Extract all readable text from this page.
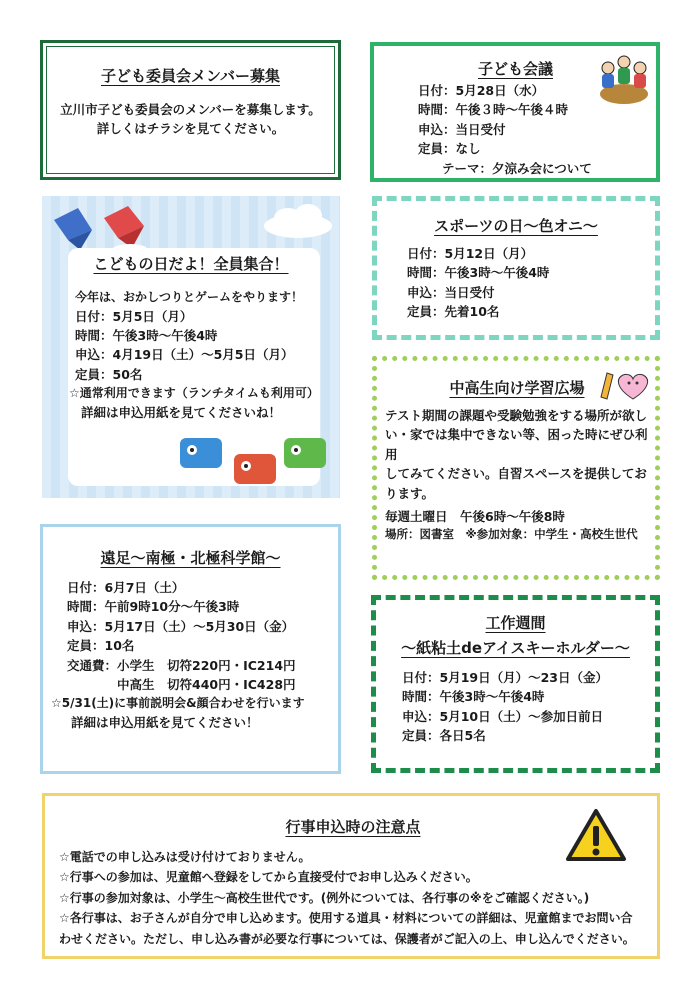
子ども委員会メンバー募集
立川市子ども委員会のメンバーを募集します。
詳しくはチラシを見てください。
子ども会議
日付：5月28日（水）
時間：午後３時～午後４時
申込：当日受付
定員：なし
テーマ：夕涼み会について
こどもの日だよ！全員集合！
今年は、おかしつりとゲームをやります！
日付：5月5日（月）
時間：午後3時～午後4時
申込：4月19日（土）～5月5日（月）
定員：50名
☆通常利用できます（ランチタイムも利用可）
詳細は申込用紙を見てくださいね！
スポーツの日～色オニ～
日付：5月12日（月）
時間：午後3時～午後4時
申込：当日受付
定員：先着10名
中高生向け学習広場
テスト期間の課題や受験勉強をする場所が欲し
い・家では集中できない等、困った時にぜひ利用
してみてください。自習スペースを提供してお
ります。
毎週土曜日　午後6時～午後8時
場所：図書室　※参加対象：中学生・高校生世代
遠足～南極・北極科学館～
日付：6月7日（土）
時間：午前9時10分～午後3時
申込：5月17日（土）～5月30日（金）
定員：10名
交通費：小学生　切符220円・IC214円
　　　　中高生　切符440円・IC428円
☆5/31(土)に事前説明会&顔合わせを行います
詳細は申込用紙を見てください！
工作週間
～紙粘土deアイスキーホルダー～
日付：5月19日（月）～23日（金）
時間：午後3時～午後4時
申込：5月10日（土）～参加日前日
定員：各日5名
行事申込時の注意点
☆電話での申し込みは受け付けておりません。
☆行事への参加は、児童館へ登録をしてから直接受付でお申し込みください。
☆行事の参加対象は、小学生～高校生世代です。(例外については、各行事の※をご確認ください。)
☆各行事は、お子さんが自分で申し込めます。使用する道具・材料についての詳細は、児童館までお問い合
わせください。ただし、申し込み書が必要な行事については、保護者がご記入の上、申し込んでください。
